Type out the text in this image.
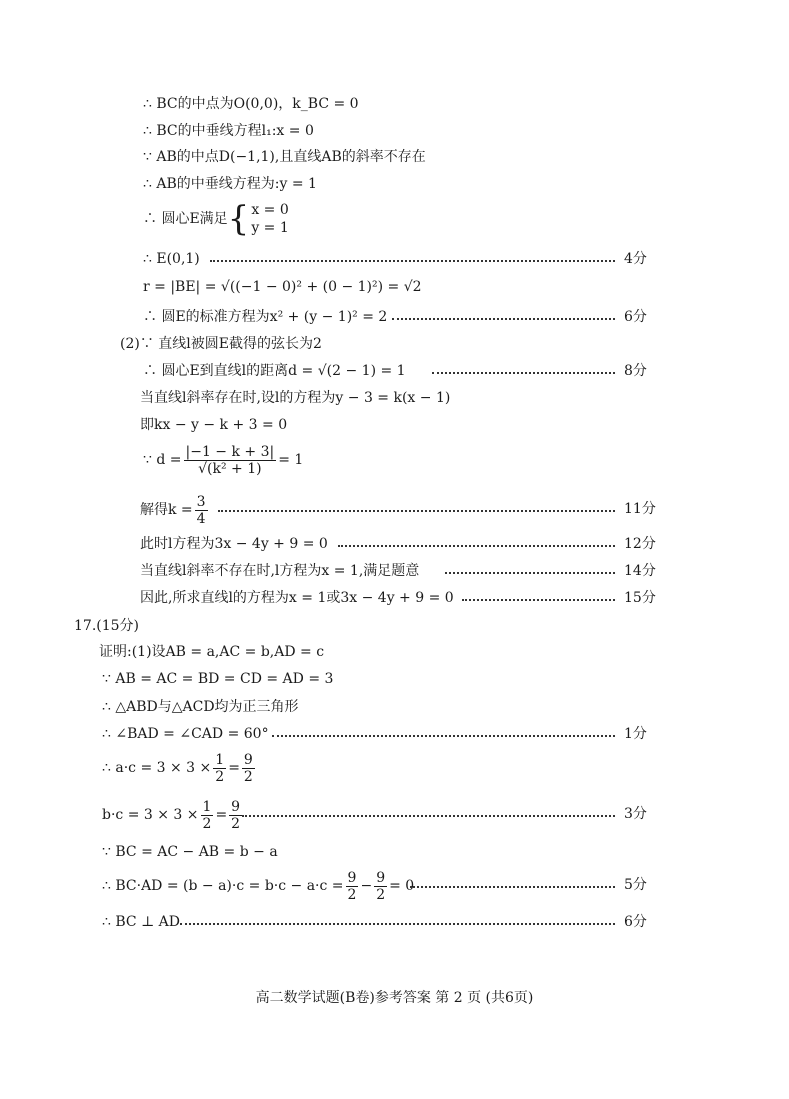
∴ BC的中点为O(0,0)，k_BC = 0
∴ BC的中垂线方程l₁:x = 0
∵ AB的中点D(−1,1),且直线AB的斜率不存在
∴ AB的中垂线方程为:y = 1
∴ 圆心E满足{ x = 0
y = 1
∴ E(0,1)	4分
r = |BE| = √((−1 − 0)² + (0 − 1)²) = √2
∴ 圆E的标准方程为x² + (y − 1)² = 2	6分
(2)∵ 直线l被圆E截得的弦长为2
∴ 圆心E到直线l的距离d = √(2 − 1) = 1	8分
当直线l斜率存在时,设l的方程为y − 3 = k(x − 1)
即kx − y − k + 3 = 0
∵ $d = \frac{|-1 - k + 3|}{\text{√(k² + 1)}} = 1$
解得$k = \frac{3}{4}$	11分
此时l方程为3x − 4y + 9 = 0	12分
当直线l斜率不存在时,l方程为x = 1,满足题意	14分
因此,所求直线l的方程为x = 1或3x − 4y + 9 = 0	15分
17.(15分)
证明:(1)设AB = a,AC = b,AD = c
∵ AB = AC = BD = CD = AD = 3
∴ △ABD与△ACD均为正三角形
∴ ∠BAD = ∠CAD = 60°	1分
∴ $a\cdot c = 3 \times 3 \times \frac{1}{2} = \frac{9}{2}$
$b\cdot c = 3 \times 3 \times \frac{1}{2} = \frac{9}{2}$	3分
∵ BC = AC − AB = b − a
∴ $BC\cdot AD = (b - a)\cdot c = b\cdot c - a\cdot c = \frac{9}{2} - \frac{9}{2} = 0$	5分
∴ BC ⊥ AD	6分
高二数学试题(B卷)参考答案 第 2 页 (共6页)
